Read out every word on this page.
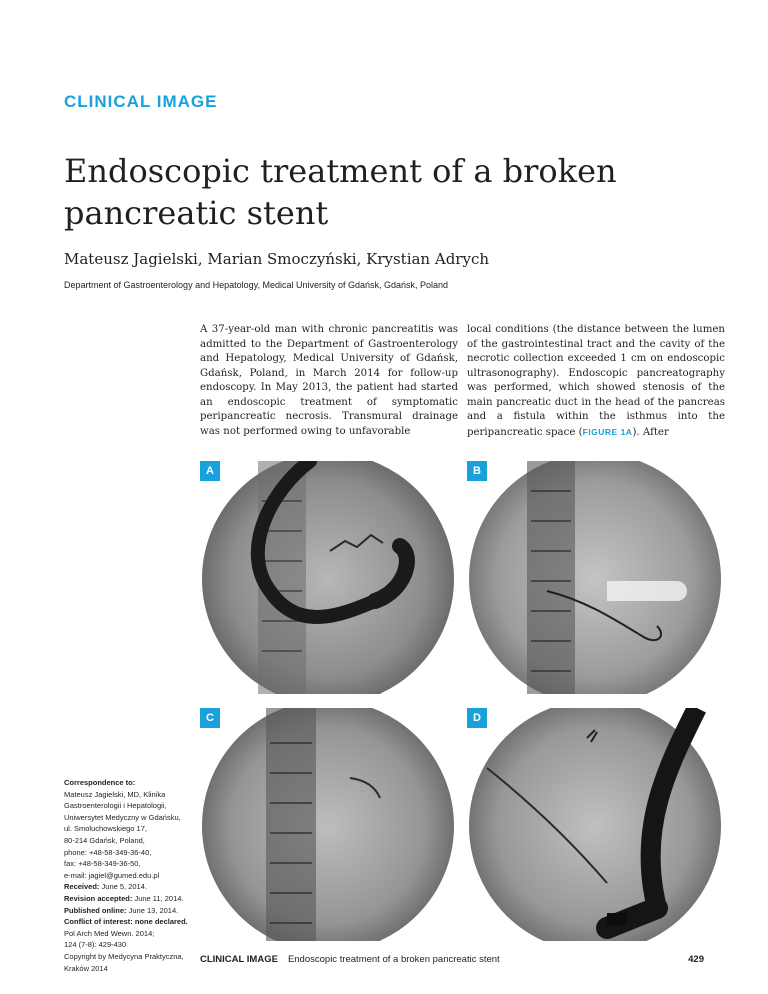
CLINICAL IMAGE
Endoscopic treatment of a broken pancreatic stent
Mateusz Jagielski, Marian Smoczyński, Krystian Adrych
Department of Gastroenterology and Hepatology, Medical University of Gdańsk, Gdańsk, Poland

A 37-year-old man with chronic pancreatitis was admitted to the Department of Gastroenterology and Hepatology, Medical University of Gdańsk, Gdańsk, Poland, in March 2014 for follow-up endoscopy. In May 2013, the patient had started an endoscopic treatment of symptomatic peripancreatic necrosis. Transmural drainage was not performed owing to unfavorable

local conditions (the distance between the lumen of the gastrointestinal tract and the cavity of the necrotic collection exceeded 1 cm on endoscopic ultrasonography). Endoscopic pancreatography was performed, which showed stenosis of the main pancreatic duct in the head of the pancreas and a fistula within the isthmus into the peripancreatic space (FIGURE 1A). After

A	B
C	D
Correspondence to:
Mateusz Jagielski, MD, Klinika
Gastroenterologii i Hepatologii,
Uniwersytet Medyczny w Gdańsku,
ul. Smoluchowskiego 17,
80-214 Gdańsk, Poland,
phone: +48-58-349-36-40,
fax: +48-58-349-36-50,
e-mail: jagiel@gumed.edu.pl
Received: June 5, 2014.
Revision accepted: June 11, 2014.
Published online: June 13, 2014.
Conflict of interest: none declared.
Pol Arch Med Wewn. 2014;
124 (7-8): 429-430
Copyright by Medycyna Praktyczna,
Kraków 2014
CLINICAL IMAGE Endoscopic treatment of a broken pancreatic stent	429
